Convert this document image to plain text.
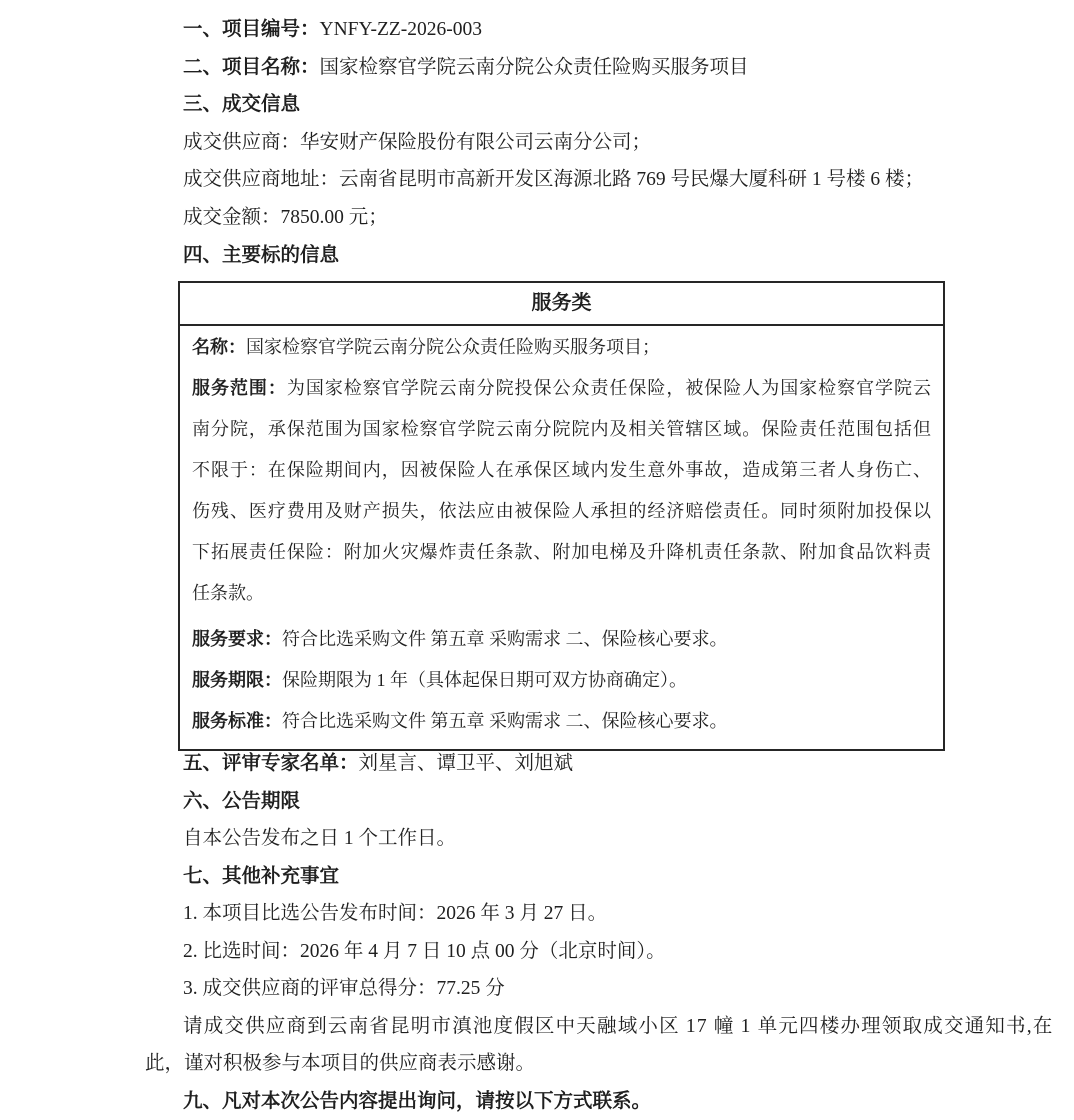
一、项目编号：YNFY-ZZ-2026-003
二、项目名称：国家检察官学院云南分院公众责任险购买服务项目
三、成交信息
成交供应商：华安财产保险股份有限公司云南分公司；
成交供应商地址：云南省昆明市高新开发区海源北路 769 号民爆大厦科研 1 号楼 6 楼；
成交金额：7850.00 元；
四、主要标的信息
服务类
名称：国家检察官学院云南分院公众责任险购买服务项目；
服务范围：为国家检察官学院云南分院投保公众责任保险，被保险人为国家检察官学院云
南分院，承保范围为国家检察官学院云南分院院内及相关管辖区域。保险责任范围包括但
不限于：在保险期间内，因被保险人在承保区域内发生意外事故，造成第三者人身伤亡、
伤残、医疗费用及财产损失，依法应由被保险人承担的经济赔偿责任。同时须附加投保以
下拓展责任保险：附加火灾爆炸责任条款、附加电梯及升降机责任条款、附加食品饮料责
任条款。
服务要求：符合比选采购文件 第五章 采购需求 二、保险核心要求。
服务期限：保险期限为 1 年（具体起保日期可双方协商确定）。
服务标准：符合比选采购文件 第五章 采购需求 二、保险核心要求。
五、评审专家名单：刘星言、谭卫平、刘旭斌
六、公告期限
自本公告发布之日 1 个工作日。
七、其他补充事宜
1. 本项目比选公告发布时间：2026 年 3 月 27 日。
2. 比选时间：2026 年 4 月 7 日 10 点 00 分（北京时间）。
3. 成交供应商的评审总得分：77.25 分
请成交供应商到云南省昆明市滇池度假区中天融域小区 17 幢 1 单元四楼办理领取成交通知书,在
此，谨对积极参与本项目的供应商表示感谢。
九、凡对本次公告内容提出询问，请按以下方式联系。
